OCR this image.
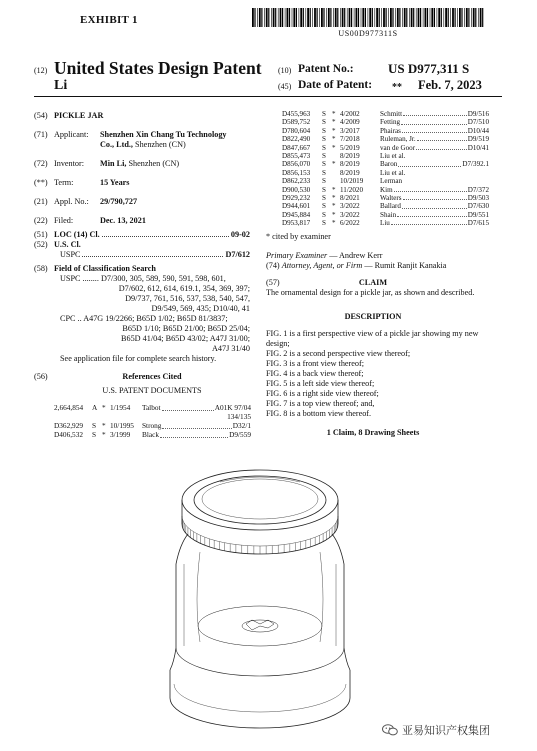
EXHIBIT 1
US00D977311S
(12) United States Design Patent
Li
(10) Patent No.:	US D977,311 S
(45) Date of Patent: ** Feb. 7, 2023
(54) PICKLE JAR
(71) Applicant: Shenzhen Xin Chang Tu Technology
Co., Ltd., Shenzhen (CN)
(72) Inventor: Min Li, Shenzhen (CN)
(**) Term:	15 Years
(21) Appl. No.: 29/790,727
(22) Filed:	Dec. 13, 2021
(51) LOC (14) Cl.	09-02
(52) U.S. Cl.
USPC	D7/612
(58) Field of Classification Search
USPC ........ D7/300, 305, 589, 590, 591, 598, 601,
D7/602, 612, 614, 619.1, 354, 369, 397;
D9/737, 761, 516, 537, 538, 540, 547,
D9/549, 569, 435; D10/40, 41
CPC .. A47G 19/2266; B65D 1/02; B65D 81/3837;
B65D 1/10; B65D 21/00; B65D 25/04;
B65D 41/04; B65D 43/02; A47J 31/00;
A47J 31/40
See application file for complete search history.
(56)	References Cited
U.S. PATENT DOCUMENTS
2,664,854	A * 1/1954	Talbot	A01K 97/04
134/135
D362,929	S * 10/1995	Strong	D32/1
D406,532	S * 3/1999	Black	D9/559
D455,963	S * 4/2002	Schmitt	D9/516
D589,752	S * 4/2009	Fetting	D7/510
D780,604	S * 3/2017	Phairas	D10/44
D822,490	S * 7/2018	Ruleman, Jr.	D9/519
D847,667	S * 5/2019	van de Goor	D10/41
D855,473	S	8/2019	Liu et al.
D856,070	S * 8/2019	Baron	D7/392.1
D856,153	S	8/2019	Liu et al.
D862,233	S	10/2019	Lerman
D900,530	S * 11/2020	Kim	D7/372
D929,232	S * 8/2021	Walters	D9/503
D944,601	S * 3/2022	Ballard	D7/630
D945,884	S * 3/2022	Shain	D9/551
D953,817	S * 6/2022	Liu	D7/615
* cited by examiner
Primary Examiner — Andrew Kerr
(74) Attorney, Agent, or Firm — Rumit Ranjit Kanakia
(57)	CLAIM
The ornamental design for a pickle jar, as shown and described.
DESCRIPTION
FIG. 1 is a first perspective view of a pickle jar showing my new design;
FIG. 2 is a second perspective view thereof;
FIG. 3 is a front view thereof;
FIG. 4 is a back view thereof;
FIG. 5 is a left side view thereof;
FIG. 6 is a right side view thereof;
FIG. 7 is a top view thereof; and,
FIG. 8 is a bottom view thereof.
1 Claim, 8 Drawing Sheets
亚易知识产权集团
